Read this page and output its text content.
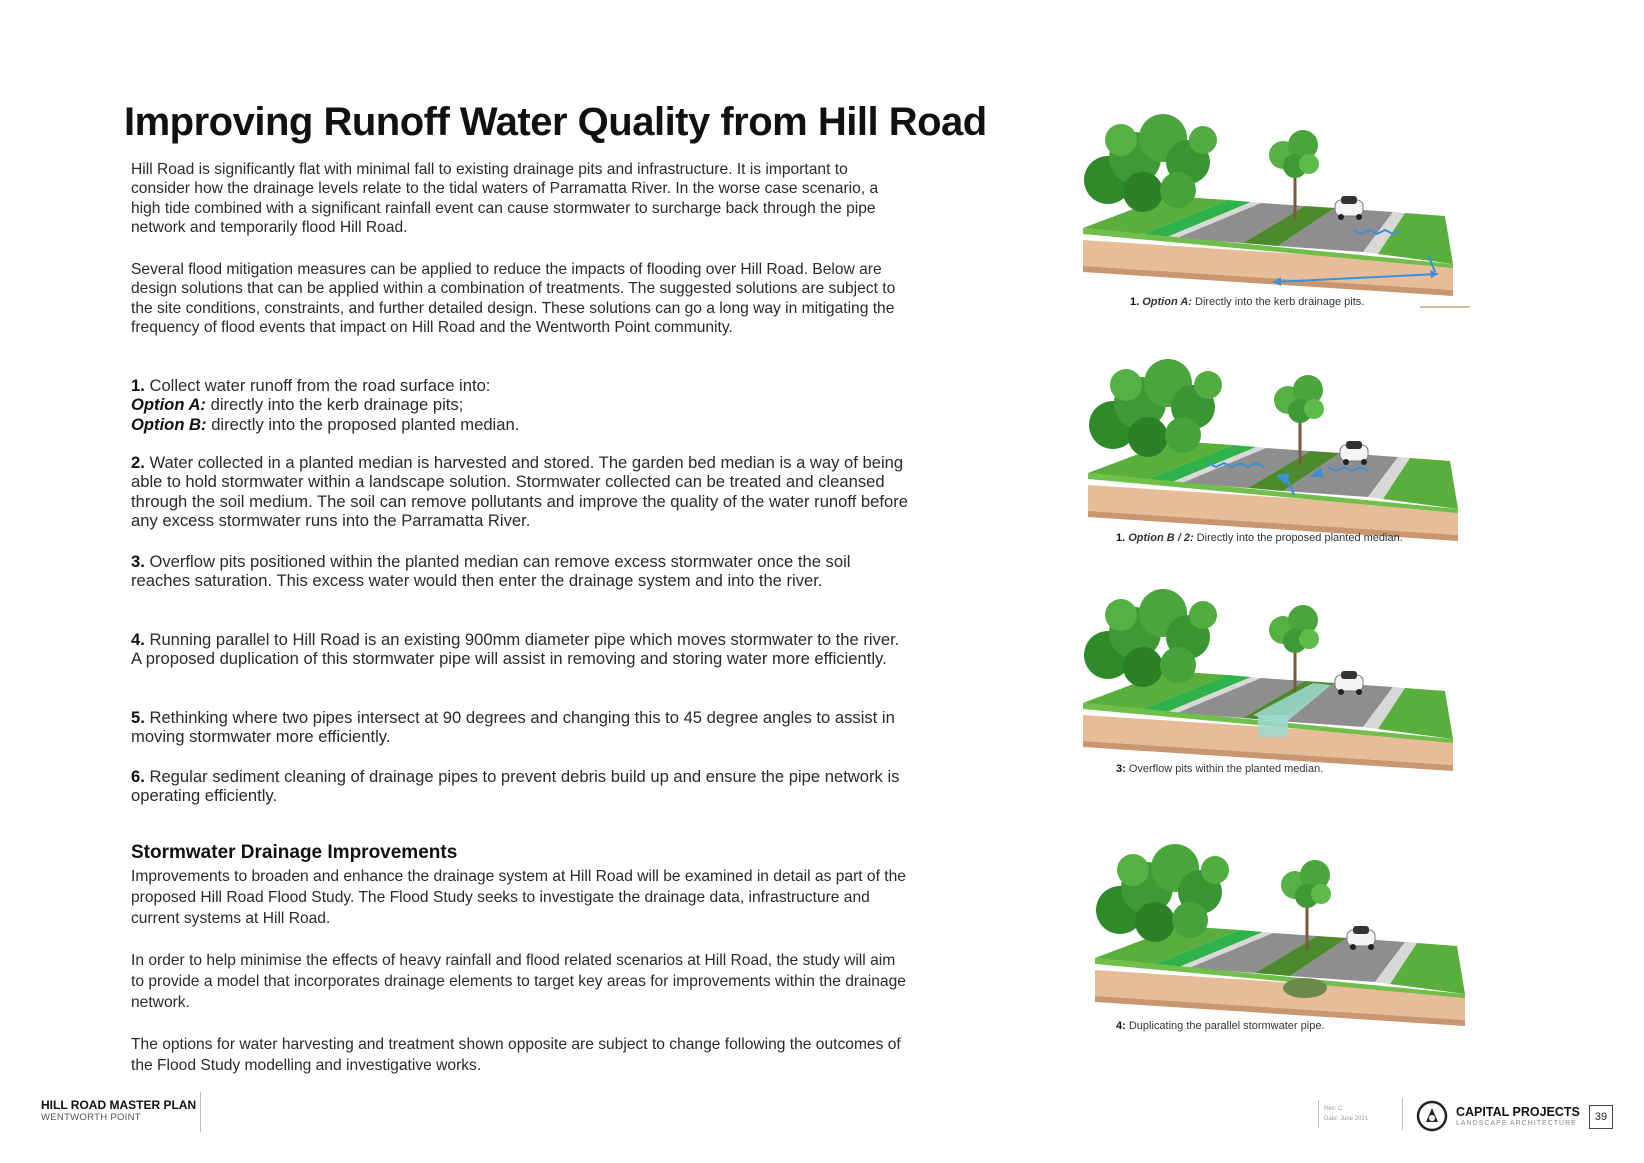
Improving Runoff Water Quality from Hill Road

Hill Road is significantly flat with minimal fall to existing drainage pits and infrastructure. It is important to consider how the drainage levels relate to the tidal waters of Parramatta River. In the worse case scenario, a high tide combined with a significant rainfall event can cause stormwater to surcharge back through the pipe network and temporarily flood Hill Road.

Several flood mitigation measures can be applied to reduce the impacts of flooding over Hill Road. Below are design solutions that can be applied within a combination of treatments. The suggested solutions are subject to the site conditions, constraints, and further detailed design. These solutions can go a long way in mitigating the frequency of flood events that impact on Hill Road and the Wentworth Point community.

1. Collect water runoff from the road surface into:

Option A: directly into the kerb drainage pits;

Option B: directly into the proposed planted median.

2. Water collected in a planted median is harvested and stored. The garden bed median is a way of being able to hold stormwater within a landscape solution. Stormwater collected can be treated and cleansed through the soil medium. The soil can remove pollutants and improve the quality of the water runoff before any excess stormwater runs into the Parramatta River.

3. Overflow pits positioned within the planted median can remove excess stormwater once the soil reaches saturation. This excess water would then enter the drainage system and into the river.

4. Running parallel to Hill Road is an existing 900mm diameter pipe which moves stormwater to the river. A proposed duplication of this stormwater pipe will assist in removing and storing water more efficiently.

5. Rethinking where two pipes intersect at 90 degrees and changing this to 45 degree angles to assist in moving stormwater more efficiently.

6. Regular sediment cleaning of drainage pipes to prevent debris build up and ensure the pipe network is operating efficiently.

Stormwater Drainage Improvements

Improvements to broaden and enhance the drainage system at Hill Road will be examined in detail as part of the proposed Hill Road Flood Study. The Flood Study seeks to investigate the drainage data, infrastructure and current systems at Hill Road.

In order to help minimise the effects of heavy rainfall and flood related scenarios at Hill Road, the study will aim to provide a model that incorporates drainage elements to target key areas for improvements within the drainage network.

The options for water harvesting and treatment shown opposite are subject to change following the outcomes of the Flood Study modelling and investigative works.

1. Option A: Directly into the kerb drainage pits.
1. Option B / 2: Directly into the proposed planted median.
3: Overflow pits within the planted median.
4: Duplicating the parallel stormwater pipe.

HILL ROAD MASTER PLAN

WENTWORTH POINT

Rev: C
Date: June 2021	CAPITAL PROJECTS

LANDSCAPE ARCHITECTURE

39
